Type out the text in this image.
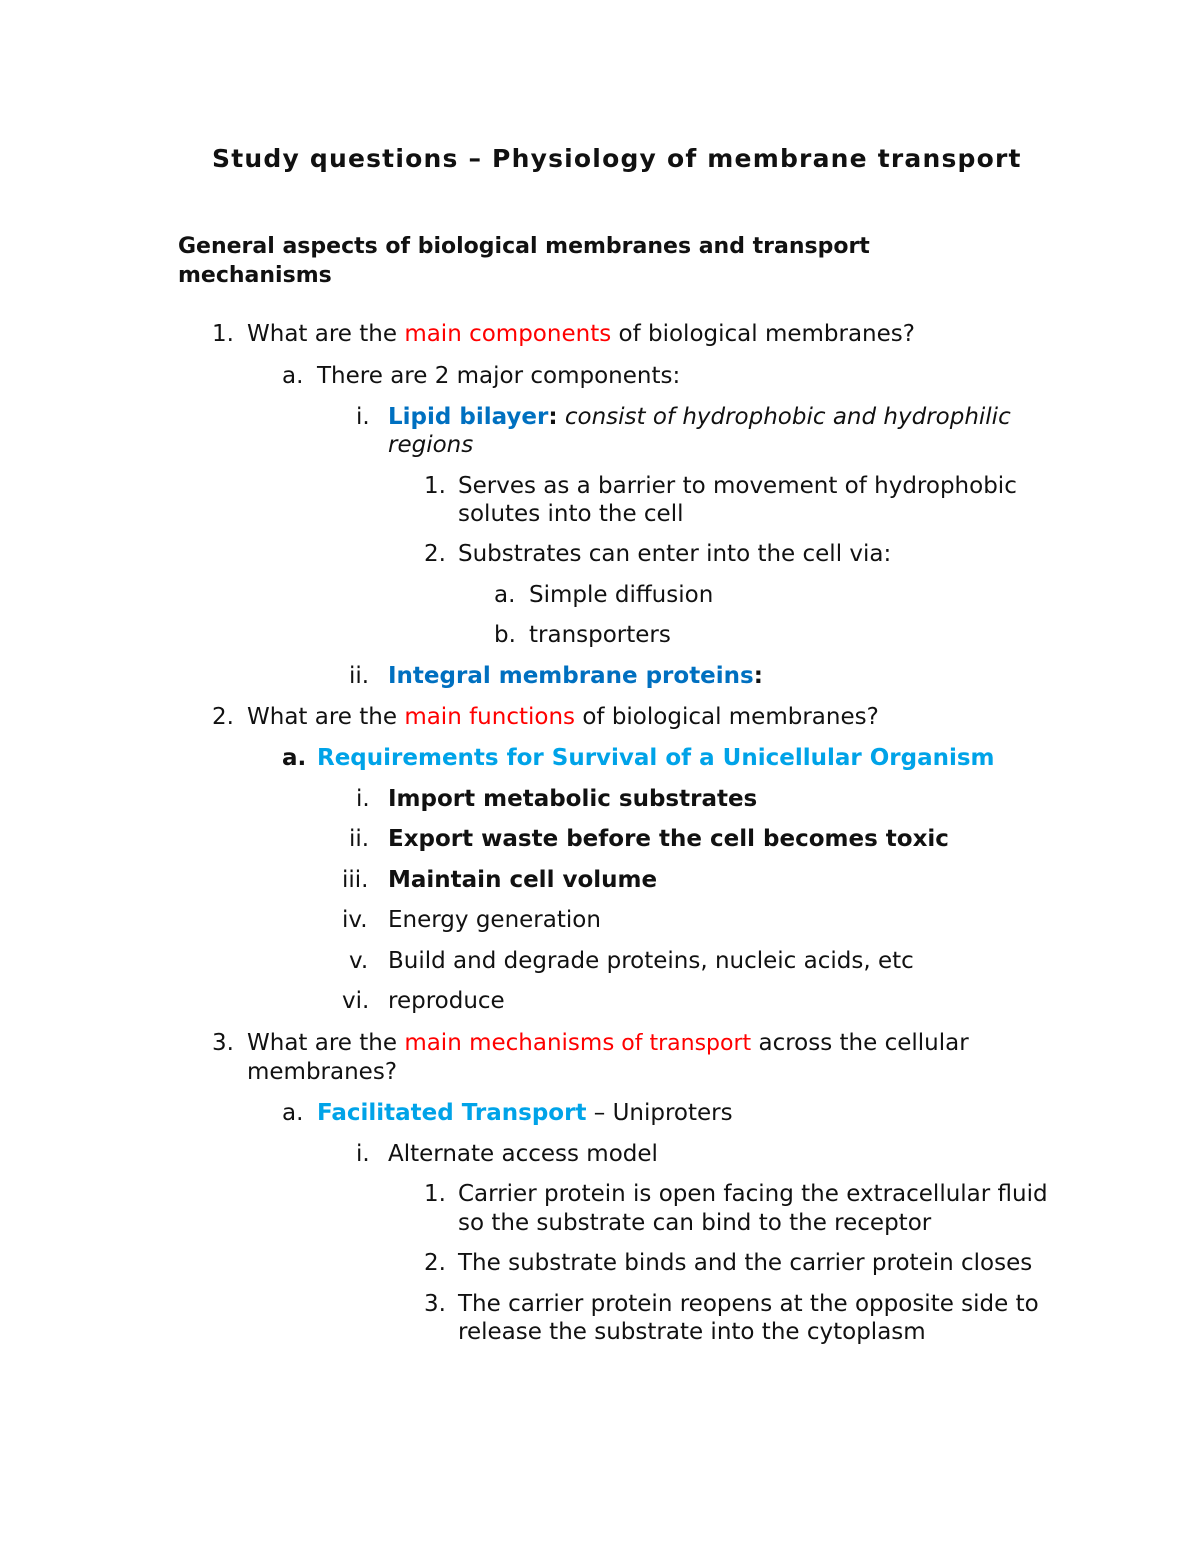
Study questions – Physiology of membrane transport
General aspects of biological membranes and transport
mechanisms
1. What are the main components of biological membranes?
a. There are 2 major components:
i. Lipid bilayer: consist of hydrophobic and hydrophilic
regions
1. Serves as a barrier to movement of hydrophobic
solutes into the cell
2. Substrates can enter into the cell via:
a. Simple diffusion
b. transporters
ii. Integral membrane proteins:
2. What are the main functions of biological membranes?
a. Requirements for Survival of a Unicellular Organism
i. Import metabolic substrates
ii. Export waste before the cell becomes toxic
iii. Maintain cell volume
iv. Energy generation
v. Build and degrade proteins, nucleic acids, etc
vi. reproduce
3. What are the main mechanisms of transport across the cellular
membranes?
a. Facilitated Transport – Uniproters
i. Alternate access model
1. Carrier protein is open facing the extracellular fluid
so the substrate can bind to the receptor
2. The substrate binds and the carrier protein closes
3. The carrier protein reopens at the opposite side to
release the substrate into the cytoplasm
